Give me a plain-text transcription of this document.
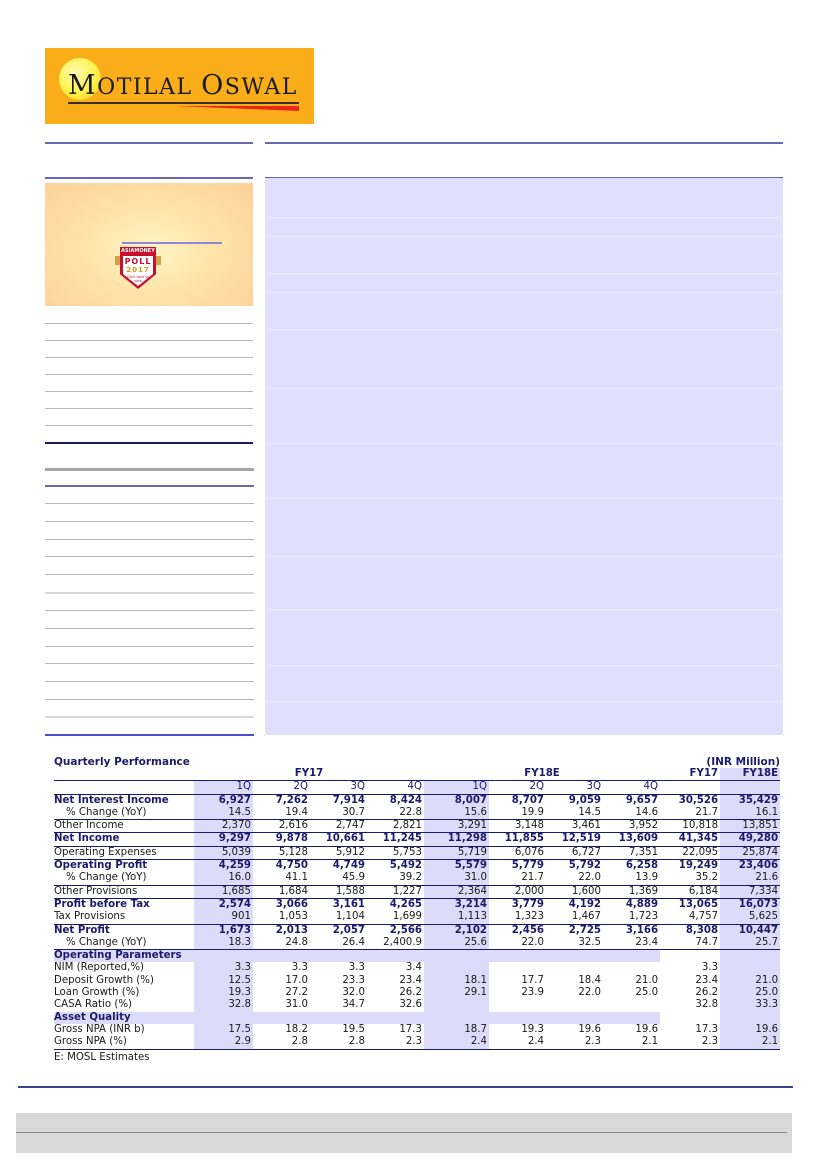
MOTILAL OSWAL
ASIAMONEY
POLL
2017
Click here to vote
Quarterly Performance	(INR Million)
	FY17				FY18E				FY17	FY18E
	1Q	2Q	3Q	4Q	1Q	2Q	3Q	4Q		
Net Interest Income	6,927	7,262	7,914	8,424	8,007	8,707	9,059	9,657	30,526	35,429
% Change (YoY)	14.5	19.4	30.7	22.8	15.6	19.9	14.5	14.6	21.7	16.1
Other Income	2,370	2,616	2,747	2,821	3,291	3,148	3,461	3,952	10,818	13,851
Net Income	9,297	9,878	10,661	11,245	11,298	11,855	12,519	13,609	41,345	49,280
Operating Expenses	5,039	5,128	5,912	5,753	5,719	6,076	6,727	7,351	22,095	25,874
Operating Profit	4,259	4,750	4,749	5,492	5,579	5,779	5,792	6,258	19,249	23,406
% Change (YoY)	16.0	41.1	45.9	39.2	31.0	21.7	22.0	13.9	35.2	21.6
Other Provisions	1,685	1,684	1,588	1,227	2,364	2,000	1,600	1,369	6,184	7,334
Profit before Tax	2,574	3,066	3,161	4,265	3,214	3,779	4,192	4,889	13,065	16,073
Tax Provisions	901	1,053	1,104	1,699	1,113	1,323	1,467	1,723	4,757	5,625
Net Profit	1,673	2,013	2,057	2,566	2,102	2,456	2,725	3,166	8,308	10,447
% Change (YoY)	18.3	24.8	26.4	2,400.9	25.6	22.0	32.5	23.4	74.7	25.7
Operating Parameters										
NIM (Reported,%)	3.3	3.3	3.3	3.4					3.3	
Deposit Growth (%)	12.5	17.0	23.3	23.4	18.1	17.7	18.4	21.0	23.4	21.0
Loan Growth (%)	19.3	27.2	32.0	26.2	29.1	23.9	22.0	25.0	26.2	25.0
CASA Ratio (%)	32.8	31.0	34.7	32.6					32.8	33.3
Asset Quality										
Gross NPA (INR b)	17.5	18.2	19.5	17.3	18.7	19.3	19.6	19.6	17.3	19.6
Gross NPA (%)	2.9	2.8	2.8	2.3	2.4	2.4	2.3	2.1	2.3	2.1
E: MOSL Estimates
